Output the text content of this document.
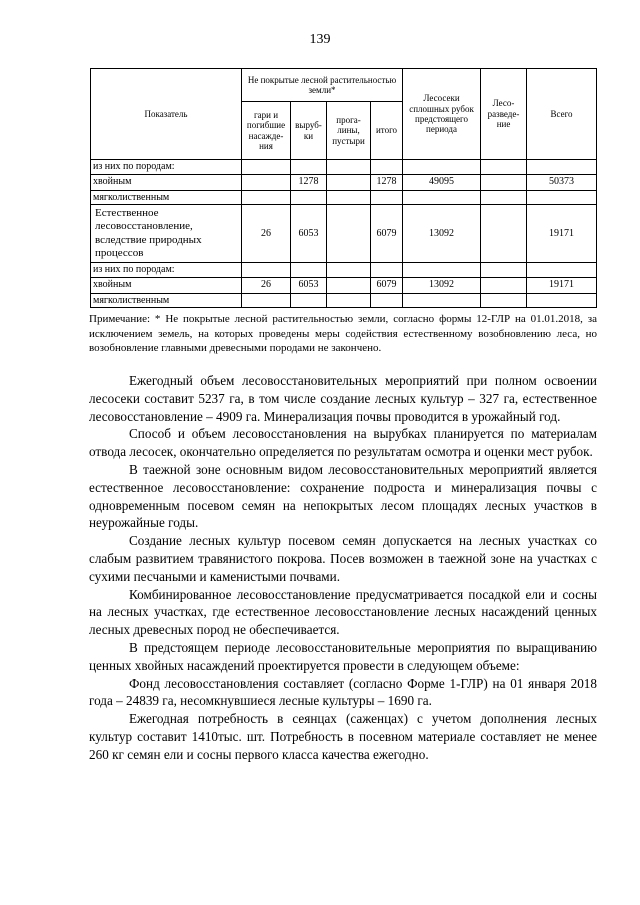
139
Показатель	Не покрытые лесной растительностью земли*				Лесосеки сплошных рубок предстоящего периода	Лесо-разведе-ние	Всего
	гари и погибшие насажде-ния	выруб-ки	прога-лины, пустыри	итого			
из них по породам:							
хвойным		1278		1278	49095		50373
мягколиственным							
Естественное лесовосстановление, вследствие природных процессов	26	6053		6079	13092		19171
из них по породам:							
хвойным	26	6053		6079	13092		19171
мягколиственным							

Примечание: * Не покрытые лесной растительностью земли, согласно формы 12-ГЛР на 01.01.2018, за исключением земель, на которых проведены меры содействия естественному возобновлению леса, но возобновление главными древесными породами не закончено.

Ежегодный объем лесовосстановительных мероприятий при полном освоении лесосеки составит 5237 га, в том числе создание лесных культур – 327 га, естественное лесовосстановление – 4909 га. Минерализация почвы проводится в урожайный год.

Способ и объем лесовосстановления на вырубках планируется по материалам отвода лесосек, окончательно определяется по результатам осмотра и оценки мест рубок.

В таежной зоне основным видом лесовосстановительных мероприятий является естественное лесовосстановление: сохранение подроста и минерализация почвы с одновременным посевом семян на непокрытых лесом площадях лесных участков в неурожайные годы.

Создание лесных культур посевом семян допускается на лесных участках со слабым развитием травянистого покрова. Посев возможен в таежной зоне на участках с сухими песчаными и каменистыми почвами.

Комбинированное лесовосстановление предусматривается посадкой ели и сосны на лесных участках, где естественное лесовосстановление лесных насаждений ценных лесных древесных пород не обеспечивается.

В предстоящем периоде лесовосстановительные мероприятия по выращиванию ценных хвойных насаждений проектируется провести в следующем объеме:

Фонд лесовосстановления составляет (согласно Форме 1-ГЛР) на 01 января 2018 года – 24839 га, несомкнувшиеся лесные культуры – 1690 га.

Ежегодная потребность в сеянцах (саженцах) с учетом дополнения лесных культур составит 1410тыс. шт. Потребность в посевном материале составляет не менее 260 кг семян ели и сосны первого класса качества ежегодно.
